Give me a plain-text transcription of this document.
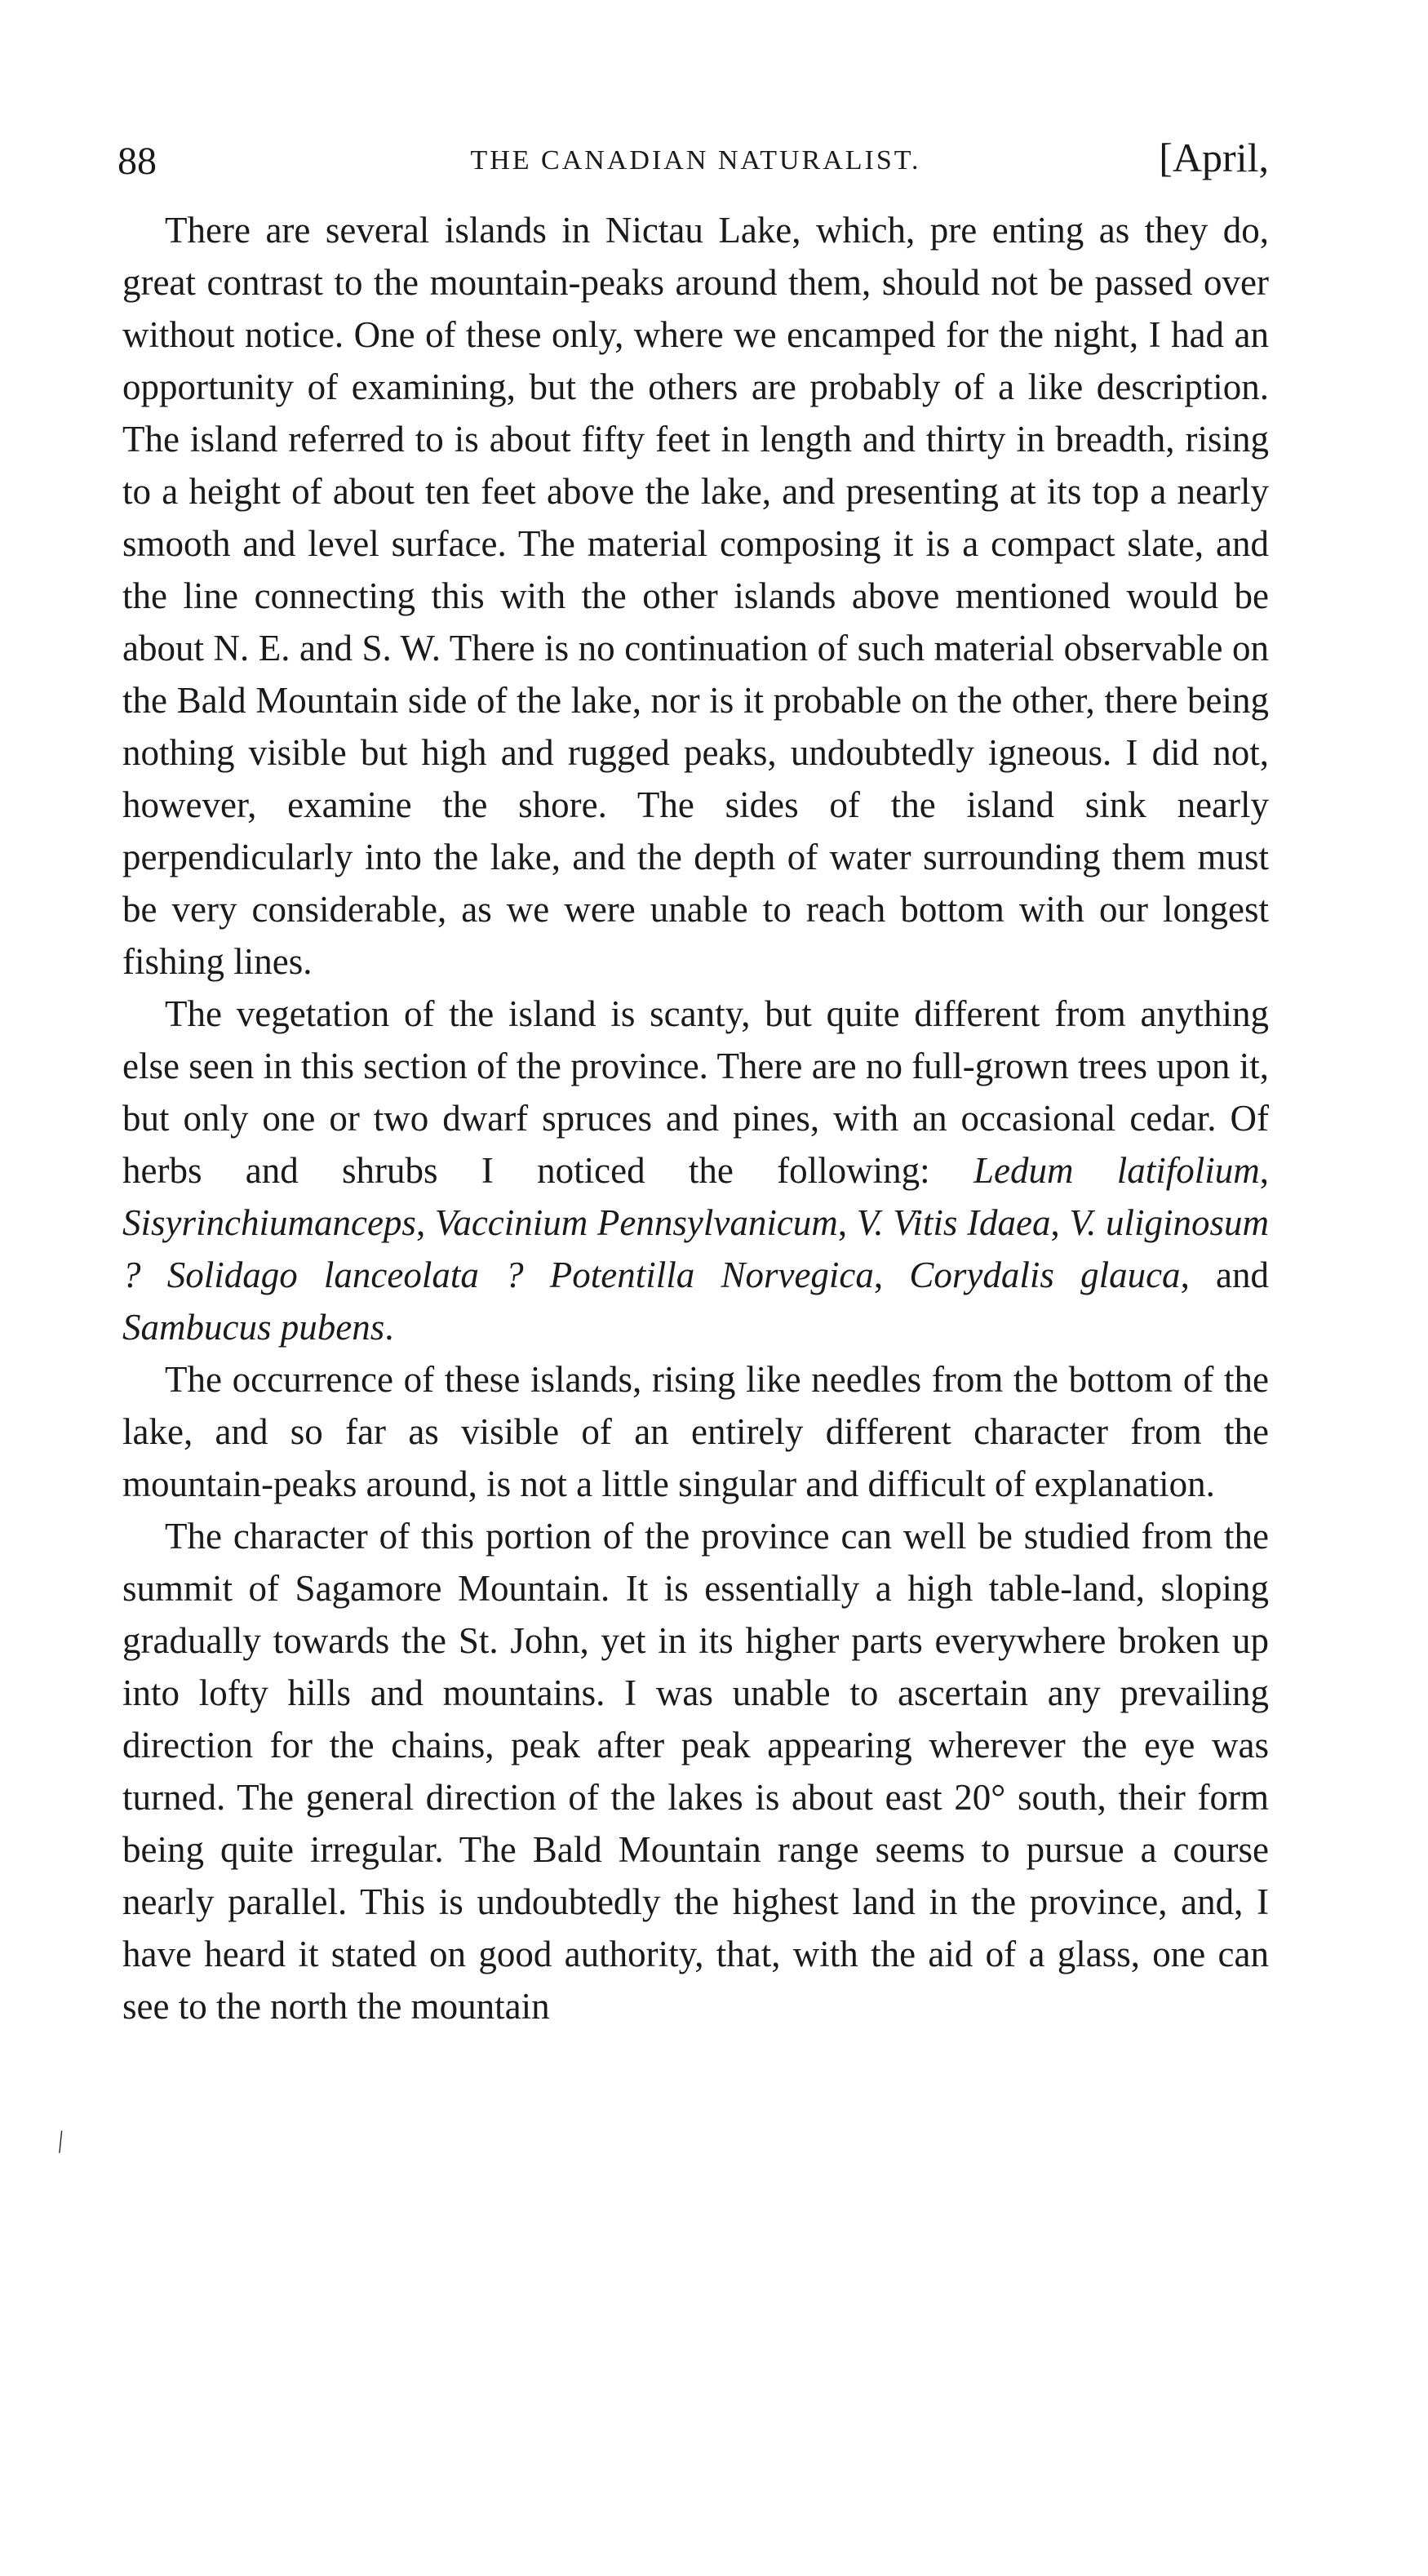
88	THE CANADIAN NATURALIST.	[April,

There are several islands in Nictau Lake, which, pre enting as they do, great contrast to the mountain-peaks around them, should not be passed over without notice. One of these only, where we encamped for the night, I had an opportunity of examining, but the others are probably of a like description. The island referred to is about fifty feet in length and thirty in breadth, rising to a height of about ten feet above the lake, and presenting at its top a nearly smooth and level surface. The material composing it is a compact slate, and the line connecting this with the other islands above mentioned would be about N. E. and S. W. There is no continuation of such material observable on the Bald Mountain side of the lake, nor is it probable on the other, there being nothing visible but high and rugged peaks, undoubtedly igneous. I did not, however, examine the shore. The sides of the island sink nearly perpendicularly into the lake, and the depth of water surrounding them must be very considerable, as we were unable to reach bottom with our longest fishing lines.

The vegetation of the island is scanty, but quite different from anything else seen in this section of the province. There are no full-grown trees upon it, but only one or two dwarf spruces and pines, with an occasional cedar. Of herbs and shrubs I noticed the following: Ledum latifolium, Sisyrinchiumanceps, Vaccinium Pennsylvanicum, V. Vitis Idaea, V. uliginosum ? Solidago lanceolata ? Potentilla Norvegica, Corydalis glauca, and Sambucus pubens.

The occurrence of these islands, rising like needles from the bottom of the lake, and so far as visible of an entirely different character from the mountain-peaks around, is not a little singular and difficult of explanation.

The character of this portion of the province can well be studied from the summit of Sagamore Mountain. It is essentially a high table-land, sloping gradually towards the St. John, yet in its higher parts everywhere broken up into lofty hills and mountains. I was unable to ascertain any prevailing direction for the chains, peak after peak appearing wherever the eye was turned. The general direction of the lakes is about east 20° south, their form being quite irregular. The Bald Mountain range seems to pursue a course nearly parallel. This is undoubtedly the highest land in the province, and, I have heard it stated on good authority, that, with the aid of a glass, one can see to the north the mountain

⁄
